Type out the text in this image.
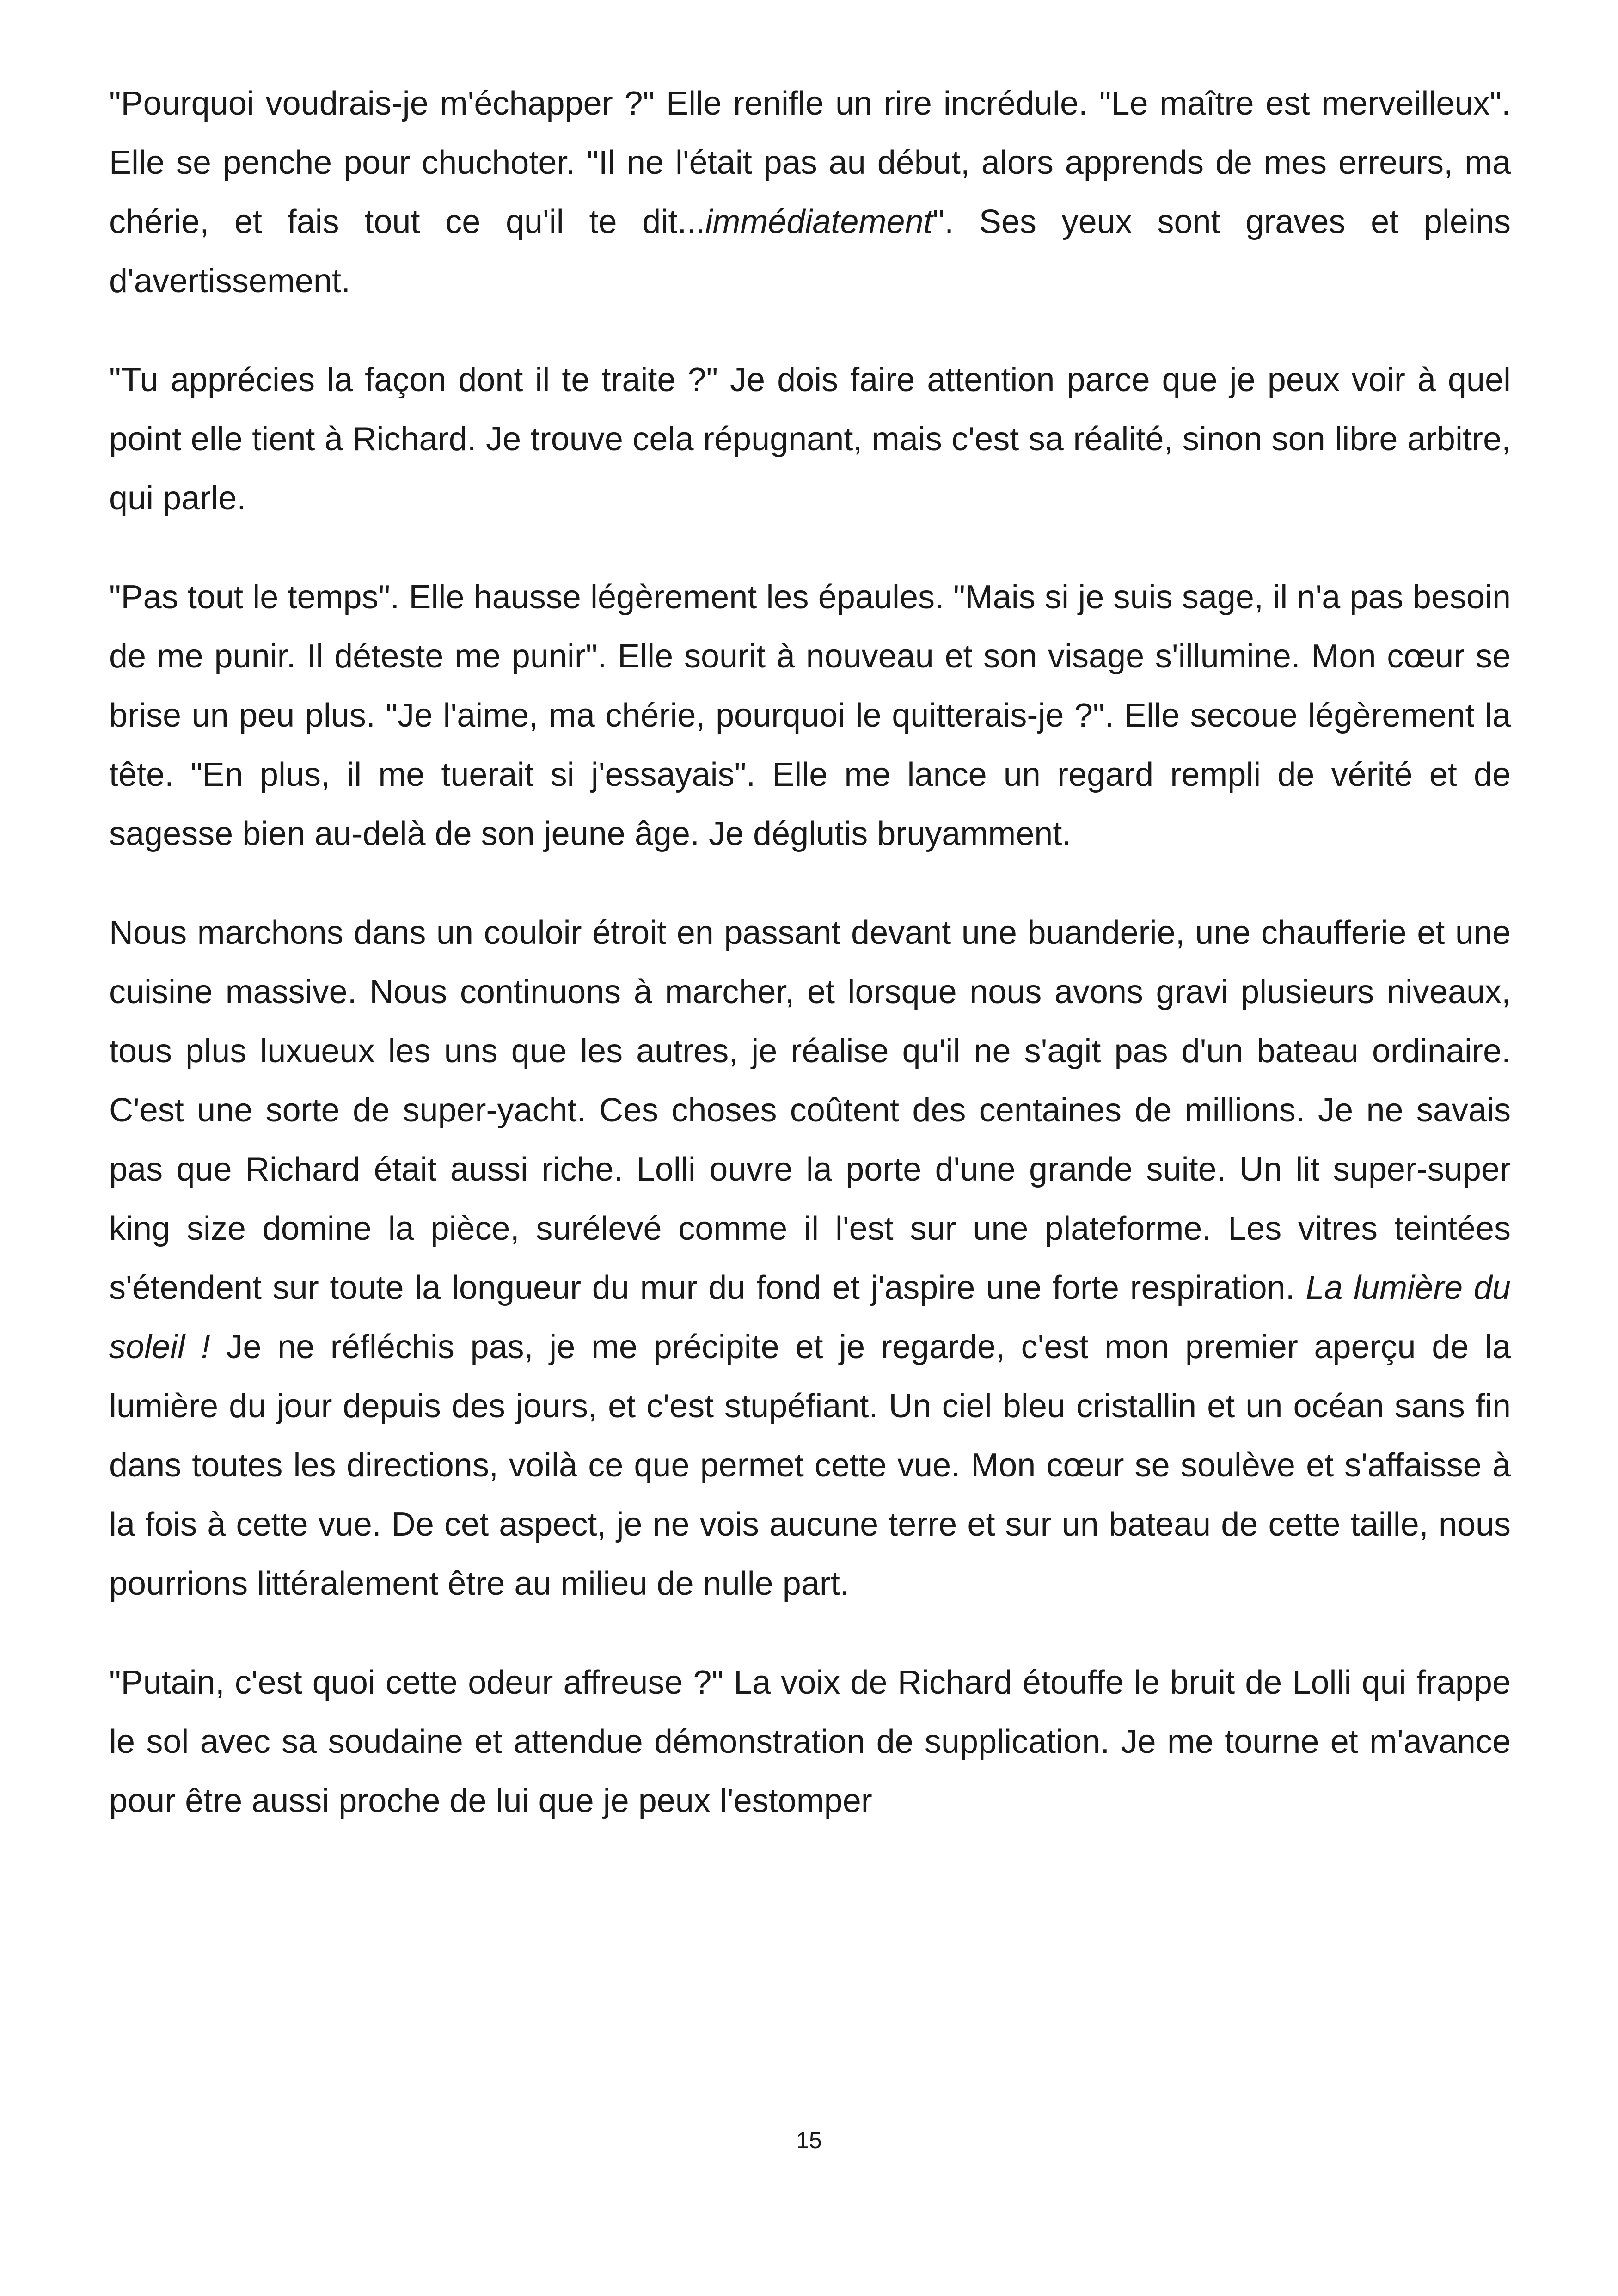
"Pourquoi voudrais-je m'échapper ?" Elle renifle un rire incrédule. "Le maître est merveilleux". Elle se penche pour chuchoter. "Il ne l'était pas au début, alors apprends de mes erreurs, ma chérie, et fais tout ce qu'il te dit...immédiatement". Ses yeux sont graves et pleins d'avertissement.

"Tu apprécies la façon dont il te traite ?" Je dois faire attention parce que je peux voir à quel point elle tient à Richard. Je trouve cela répugnant, mais c'est sa réalité, sinon son libre arbitre, qui parle.

"Pas tout le temps". Elle hausse légèrement les épaules. "Mais si je suis sage, il n'a pas besoin de me punir. Il déteste me punir". Elle sourit à nouveau et son visage s'illumine. Mon cœur se brise un peu plus. "Je l'aime, ma chérie, pourquoi le quitterais-je ?". Elle secoue légèrement la tête. "En plus, il me tuerait si j'essayais". Elle me lance un regard rempli de vérité et de sagesse bien au-delà de son jeune âge. Je déglutis bruyamment.

Nous marchons dans un couloir étroit en passant devant une buanderie, une chaufferie et une cuisine massive. Nous continuons à marcher, et lorsque nous avons gravi plusieurs niveaux, tous plus luxueux les uns que les autres, je réalise qu'il ne s'agit pas d'un bateau ordinaire. C'est une sorte de super-yacht. Ces choses coûtent des centaines de millions. Je ne savais pas que Richard était aussi riche. Lolli ouvre la porte d'une grande suite. Un lit super-super king size domine la pièce, surélevé comme il l'est sur une plateforme. Les vitres teintées s'étendent sur toute la longueur du mur du fond et j'aspire une forte respiration. La lumière du soleil ! Je ne réfléchis pas, je me précipite et je regarde, c'est mon premier aperçu de la lumière du jour depuis des jours, et c'est stupéfiant. Un ciel bleu cristallin et un océan sans fin dans toutes les directions, voilà ce que permet cette vue. Mon cœur se soulève et s'affaisse à la fois à cette vue. De cet aspect, je ne vois aucune terre et sur un bateau de cette taille, nous pourrions littéralement être au milieu de nulle part.

"Putain, c'est quoi cette odeur affreuse ?" La voix de Richard étouffe le bruit de Lolli qui frappe le sol avec sa soudaine et attendue démonstration de supplication. Je me tourne et m'avance pour être aussi proche de lui que je peux l'estomper

15
